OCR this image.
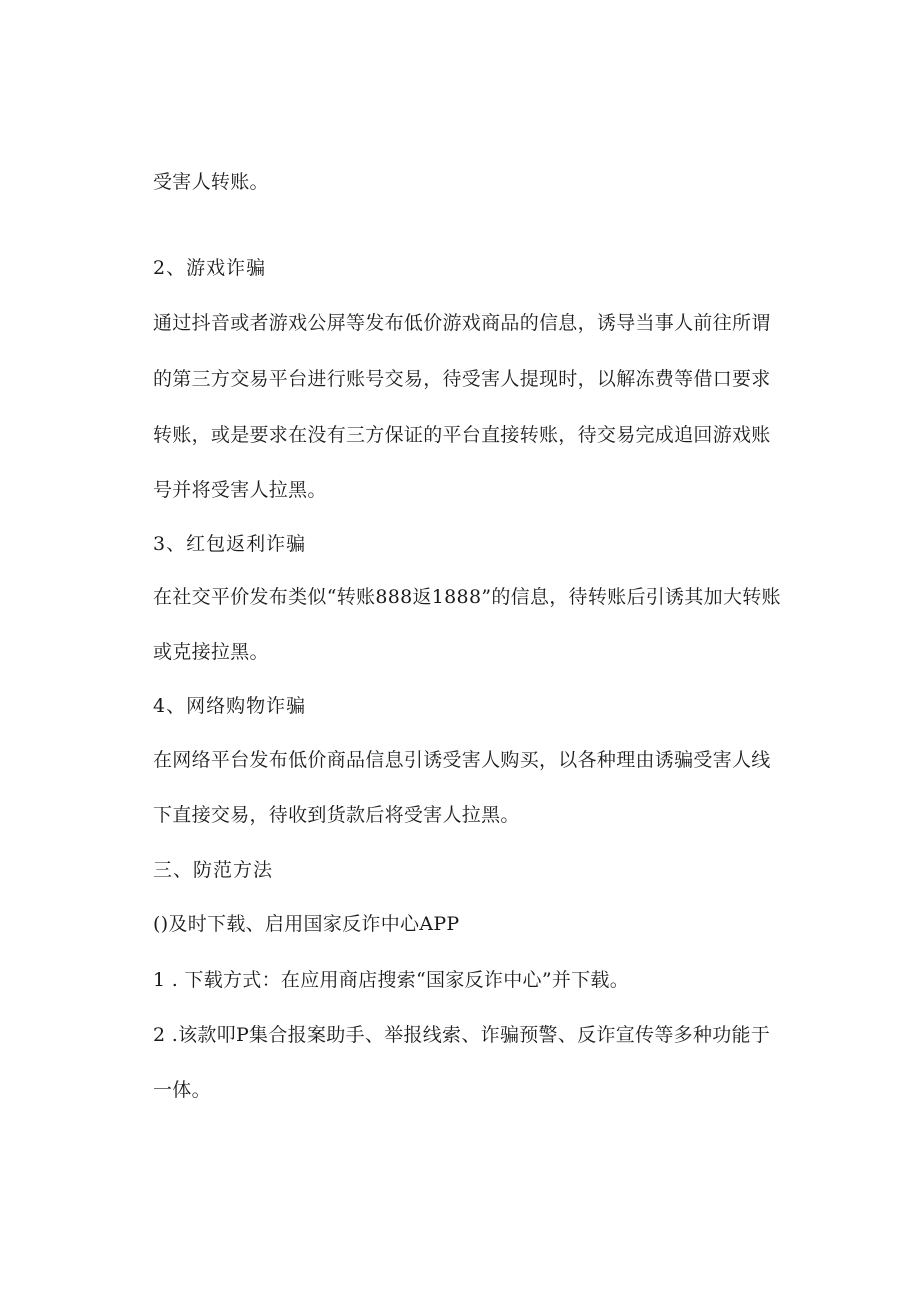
受害人转账。
2、游戏诈骗
通过抖音或者游戏公屏等发布低价游戏商品的信息，诱导当事人前往所谓
的第三方交易平台进行账号交易，待受害人提现时，以解冻费等借口要求
转账，或是要求在没有三方保证的平台直接转账，待交易完成追回游戏账
号并将受害人拉黑。
3、红包返利诈骗
在社交平价发布类似“转账888返1888”的信息，待转账后引诱其加大转账
或克接拉黑。
4、网络购物诈骗
在网络平台发布低价商品信息引诱受害人购买，以各种理由诱骗受害人线
下直接交易，待收到货款后将受害人拉黑。
三、防范方法
()及时下载、启用国家反诈中心APP
1 . 下载方式：在应用商店搜索“国家反诈中心”并下载。
2 .该款叩P集合报案助手、举报线索、诈骗预警、反诈宣传等多种功能于
一体。
